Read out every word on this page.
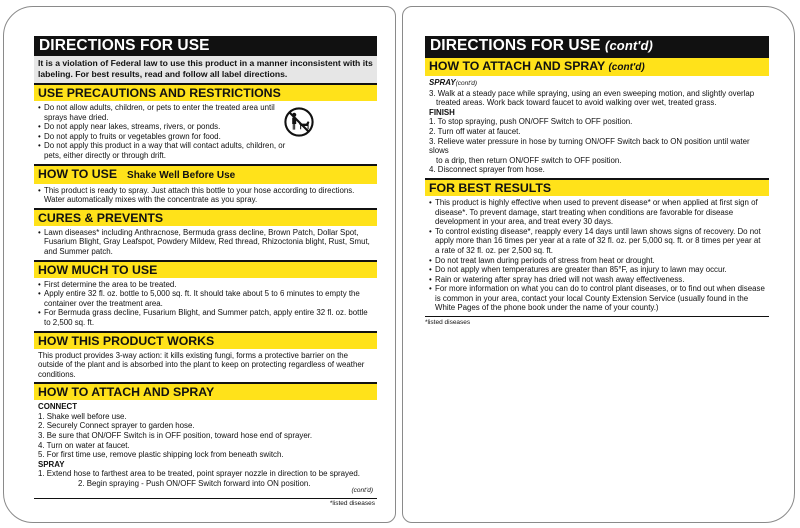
DIRECTIONS FOR USE
It is a violation of Federal law to use this product in a manner inconsistent with its labeling. For best results, read and follow all label directions.
USE PRECAUTIONS AND RESTRICTIONS
• Do not allow adults, children, or pets to enter the treated area until sprays have dried.
• Do not apply near lakes, streams, rivers, or ponds.
• Do not apply to fruits or vegetables grown for food.
• Do not apply this product in a way that will contact adults, children, or pets, either directly or through drift.
HOW TO USE Shake Well Before Use
• This product is ready to spray. Just attach this bottle to your hose according to directions. Water automatically mixes with the concentrate as you spray.
CURES & PREVENTS
• Lawn diseases* including Anthracnose, Bermuda grass decline, Brown Patch, Dollar Spot, Fusarium Blight, Gray Leafspot, Powdery Mildew, Red thread, Rhizoctonia blight, Rust, Smut, and Summer patch.
HOW MUCH TO USE
• First determine the area to be treated.
• Apply entire 32 fl. oz. bottle to 5,000 sq. ft. It should take about 5 to 6 minutes to empty the container over the treatment area.
• For Bermuda grass decline, Fusarium Blight, and Summer patch, apply entire 32 fl. oz. bottle to 2,500 sq. ft.
HOW THIS PRODUCT WORKS
This product provides 3-way action: it kills existing fungi, forms a protective barrier on the outside of the plant and is absorbed into the plant to keep on protecting regardless of weather conditions.
HOW TO ATTACH AND SPRAY
CONNECT
1. Shake well before use.
2. Securely Connect sprayer to garden hose.
3. Be sure that ON/OFF Switch is in OFF position, toward hose end of sprayer.
4. Turn on water at faucet.
5. For first time use, remove plastic shipping lock from beneath switch.
SPRAY
1. Extend hose to farthest area to be treated, point sprayer nozzle in direction to be sprayed.
2. Begin spraying - Push ON/OFF Switch forward into ON position.
(cont'd)
*listed diseases
DIRECTIONS FOR USE (cont'd)
HOW TO ATTACH AND SPRAY (cont'd)
SPRAY(cont'd)
3. Walk at a steady pace while spraying, using an even sweeping motion, and slightly overlap
treated areas. Work back toward faucet to avoid walking over wet, treated grass.
FINISH
1. To stop spraying, push ON/OFF Switch to OFF position.
2. Turn off water at faucet.
3. Relieve water pressure in hose by turning ON/OFF Switch back to ON position until water slows
to a drip, then return ON/OFF switch to OFF position.
4. Disconnect sprayer from hose.
FOR BEST RESULTS
• This product is highly effective when used to prevent disease* or when applied at first sign of disease*. To prevent damage, start treating when conditions are favorable for disease development in your area, and treat every 30 days.
• To control existing disease*, reapply every 14 days until lawn shows signs of recovery. Do not apply more than 16 times per year at a rate of 32 fl. oz. per 5,000 sq. ft. or 8 times per year at a rate of 32 fl. oz. per 2,500 sq. ft.
• Do not treat lawn during periods of stress from heat or drought.
• Do not apply when temperatures are greater than 85°F, as injury to lawn may occur.
• Rain or watering after spray has dried will not wash away effectiveness.
• For more information on what you can do to control plant diseases, or to find out when disease is common in your area, contact your local County Extension Service (usually found in the White Pages of the phone book under the name of your county.)
*listed diseases
